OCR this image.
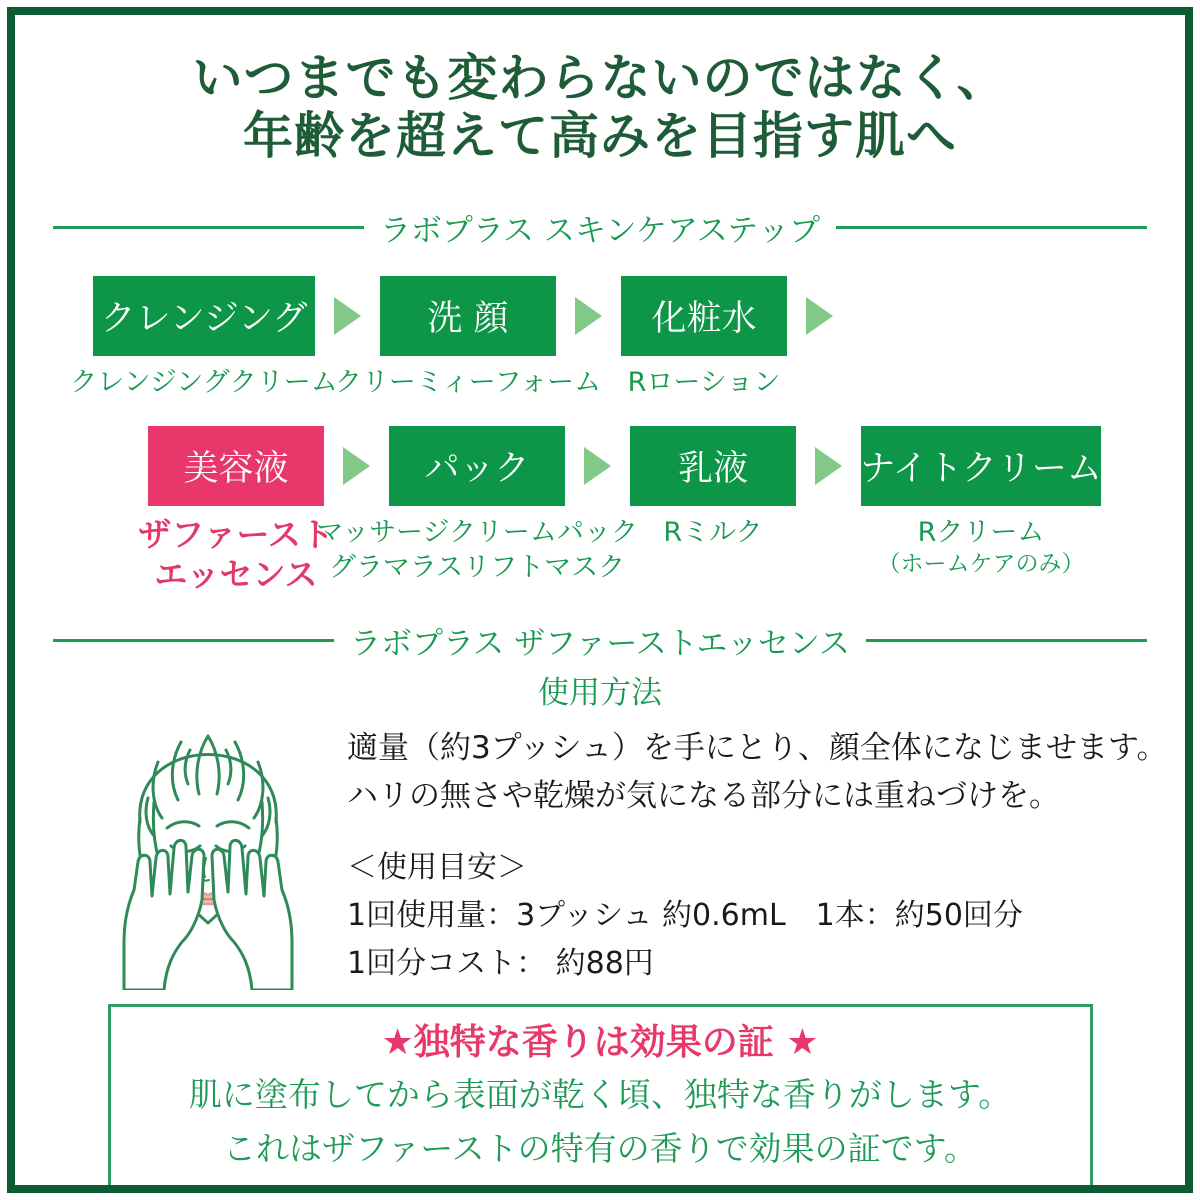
いつまでも変わらないのではなく、
年齢を超えて高みを目指す肌へ
ラボプラス スキンケアステップ
クレンジング
クレンジングクリーム
洗 顔
クリーミィーフォーム
化粧水
Rローション
美容液
ザファースト
エッセンス
パック
マッサージクリームパック
グラマラスリフトマスク
乳液
Rミルク
ナイトクリーム
Rクリーム
（ホームケアのみ）
ラボプラス ザファーストエッセンス
使用方法
適量（約3プッシュ）を手にとり、顔全体になじませます。
ハリの無さや乾燥が気になる部分には重ねづけを。
＜使用目安＞
1回使用量：3プッシュ 約0.6mL　1本：約50回分
1回分コスト： 約88円
★独特な香りは効果の証 ★
肌に塗布してから表面が乾く頃、独特な香りがします。
これはザファーストの特有の香りで効果の証です。
